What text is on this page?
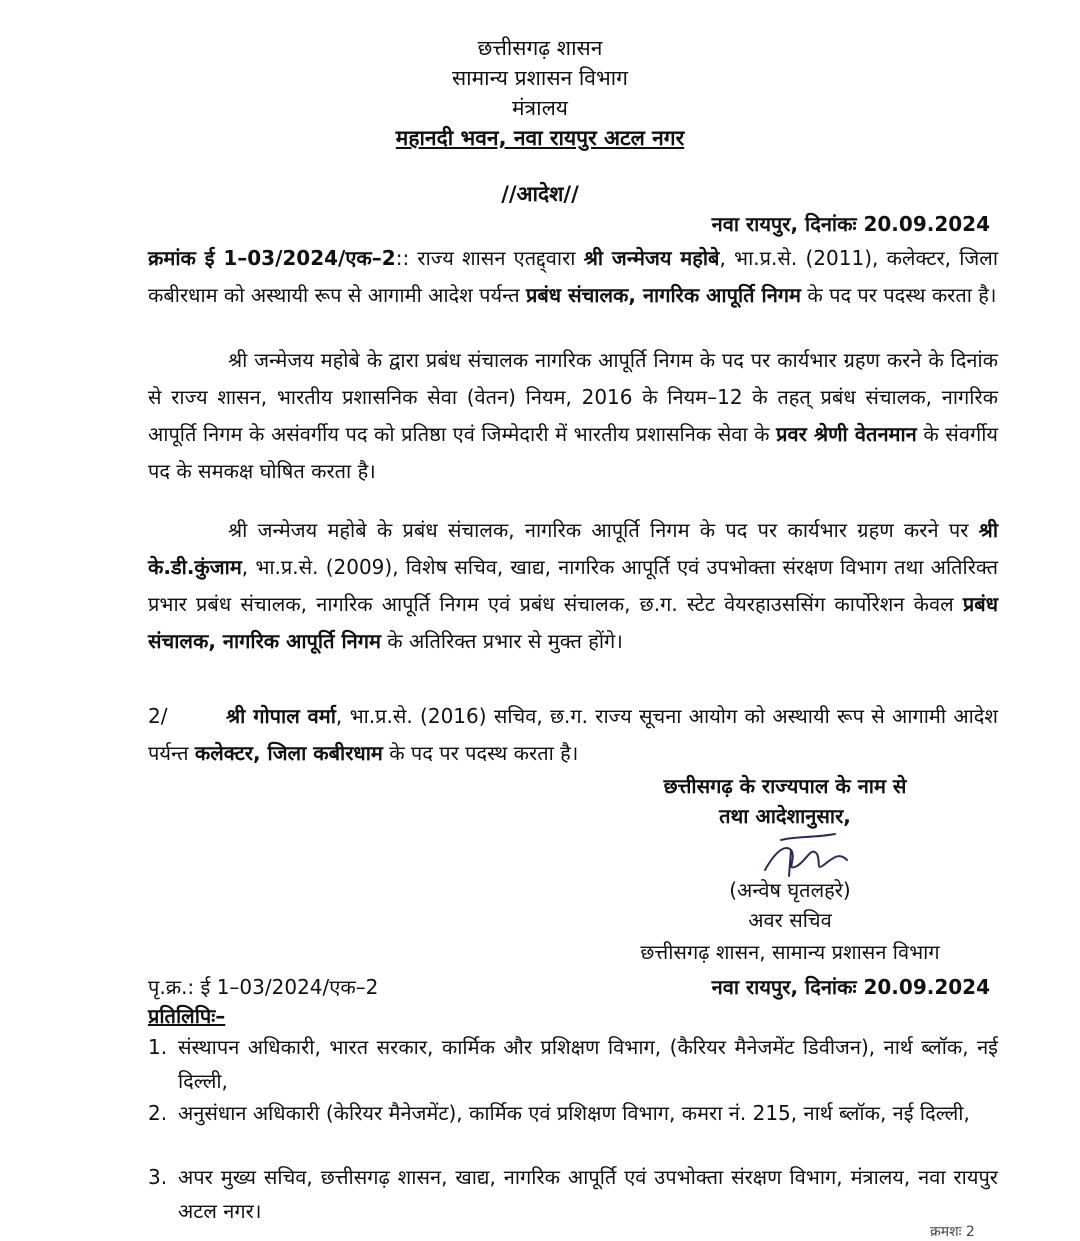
छत्तीसगढ़ शासन
सामान्य प्रशासन विभाग
मंत्रालय
महानदी भवन, नवा रायपुर अटल नगर
//आदेश//
नवा रायपुर, दिनांकः 20.09.2024
क्रमांक ई 1–03/2024/एक–2:: राज्य शासन एतद्द्वारा श्री जन्मेजय महोबे, भा.प्र.से. (2011), कलेक्टर, जिला कबीरधाम को अस्थायी रूप से आगामी आदेश पर्यन्त प्रबंध संचालक, नागरिक आपूर्ति निगम के पद पर पदस्थ करता है।
श्री जन्मेजय महोबे के द्वारा प्रबंध संचालक नागरिक आपूर्ति निगम के पद पर कार्यभार ग्रहण करने के दिनांक से राज्य शासन, भारतीय प्रशासनिक सेवा (वेतन) नियम, 2016 के नियम–12 के तहत् प्रबंध संचालक, नागरिक आपूर्ति निगम के असंवर्गीय पद को प्रतिष्ठा एवं जिम्मेदारी में भारतीय प्रशासनिक सेवा के प्रवर श्रेणी वेतनमान के संवर्गीय पद के समकक्ष घोषित करता है।
श्री जन्मेजय महोबे के प्रबंध संचालक, नागरिक आपूर्ति निगम के पद पर कार्यभार ग्रहण करने पर श्री के.डी.कुंजाम, भा.प्र.से. (2009), विशेष सचिव, खाद्य, नागरिक आपूर्ति एवं उपभोक्ता संरक्षण विभाग तथा अतिरिक्त प्रभार प्रबंध संचालक, नागरिक आपूर्ति निगम एवं प्रबंध संचालक, छ.ग. स्टेट वेयरहाउससिंग कार्पोरेशन केवल प्रबंध संचालक, नागरिक आपूर्ति निगम के अतिरिक्त प्रभार से मुक्त होंगे।
2/	श्री गोपाल वर्मा, भा.प्र.से. (2016) सचिव, छ.ग. राज्य सूचना आयोग को अस्थायी रूप से आगामी आदेश पर्यन्त कलेक्टर, जिला कबीरधाम के पद पर पदस्थ करता है।
छत्तीसगढ़ के राज्यपाल के नाम से
तथा आदेशानुसार,
(अन्वेष घृतलहरे)
अवर सचिव
छत्तीसगढ़ शासन, सामान्य प्रशासन विभाग
पृ.क्र.: ई 1–03/2024/एक–2	नवा रायपुर, दिनांकः 20.09.2024
प्रतिलिपिः–
1. संस्थापन अधिकारी, भारत सरकार, कार्मिक और प्रशिक्षण विभाग, (कैरियर मैनेजमेंट डिवीजन), नार्थ ब्लॉक, नई दिल्ली,
2. अनुसंधान अधिकारी (केरियर मैनेजमेंट), कार्मिक एवं प्रशिक्षण विभाग, कमरा नं. 215, नार्थ ब्लॉक, नई दिल्ली,
3. अपर मुख्य सचिव, छत्तीसगढ़ शासन, खाद्य, नागरिक आपूर्ति एवं उपभोक्ता संरक्षण विभाग, मंत्रालय, नवा रायपुर अटल नगर।
क्रमशः 2
